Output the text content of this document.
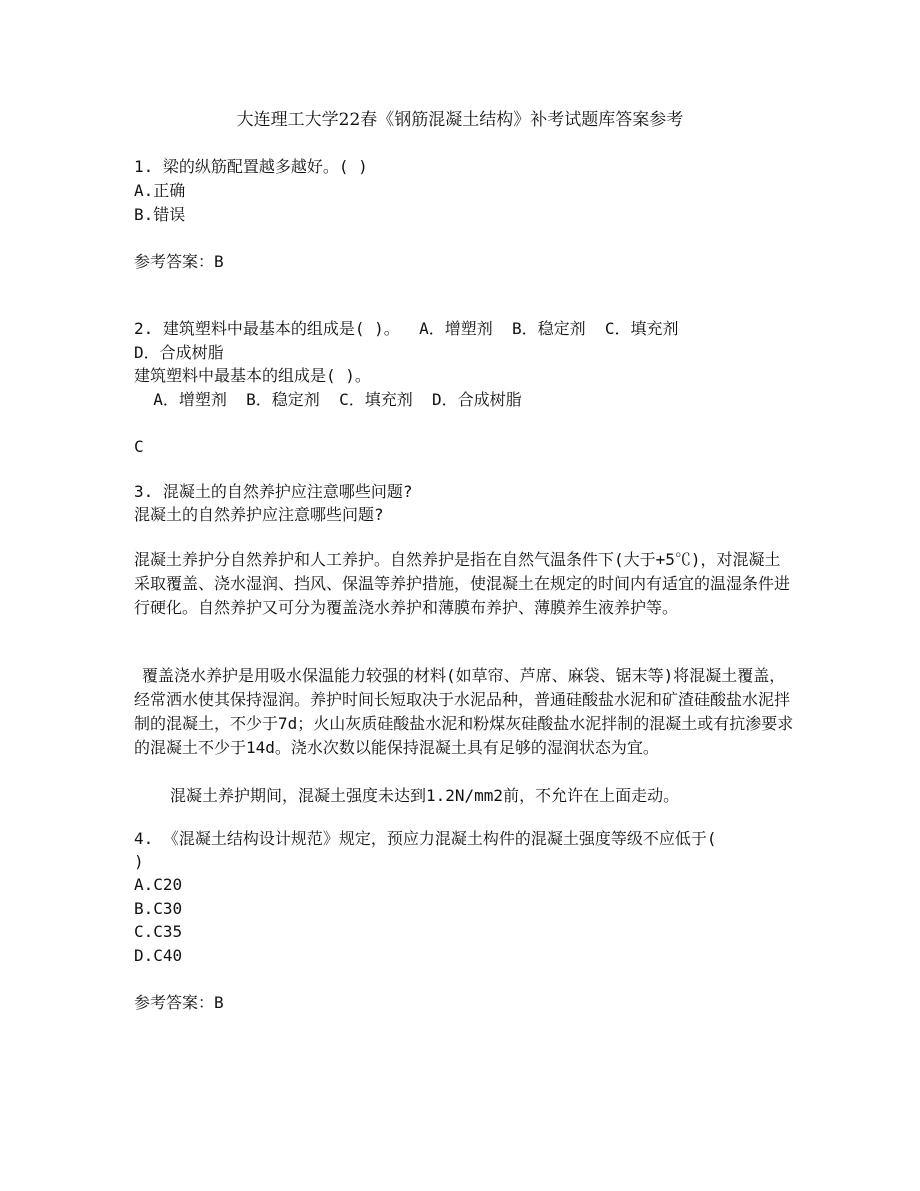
大连理工大学22春《钢筋混凝土结构》补考试题库答案参考
1. 梁的纵筋配置越多越好。( )
A.正确
B.错误
参考答案：B
2. 建筑塑料中最基本的组成是( )。  A．增塑剂  B．稳定剂  C．填充剂
D．合成树脂
建筑塑料中最基本的组成是( )。
A．增塑剂  B．稳定剂  C．填充剂  D．合成树脂
C
3. 混凝土的自然养护应注意哪些问题?
混凝土的自然养护应注意哪些问题?
混凝土养护分自然养护和人工养护。自然养护是指在自然气温条件下(大于+5℃)，对混凝土采取覆盖、浇水湿润、挡风、保温等养护措施，使混凝土在规定的时间内有适宜的温湿条件进行硬化。自然养护又可分为覆盖浇水养护和薄膜布养护、薄膜养生液养护等。
覆盖浇水养护是用吸水保温能力较强的材料(如草帘、芦席、麻袋、锯末等)将混凝土覆盖，经常洒水使其保持湿润。养护时间长短取决于水泥品种，普通硅酸盐水泥和矿渣硅酸盐水泥拌制的混凝土，不少于7d；火山灰质硅酸盐水泥和粉煤灰硅酸盐水泥拌制的混凝土或有抗渗要求的混凝土不少于14d。浇水次数以能保持混凝土具有足够的湿润状态为宜。
混凝土养护期间，混凝土强度未达到1.2N/mm2前，不允许在上面走动。
4. 《混凝土结构设计规范》规定，预应力混凝土构件的混凝土强度等级不应低于(
)
A.C20
B.C30
C.C35
D.C40
参考答案：B
